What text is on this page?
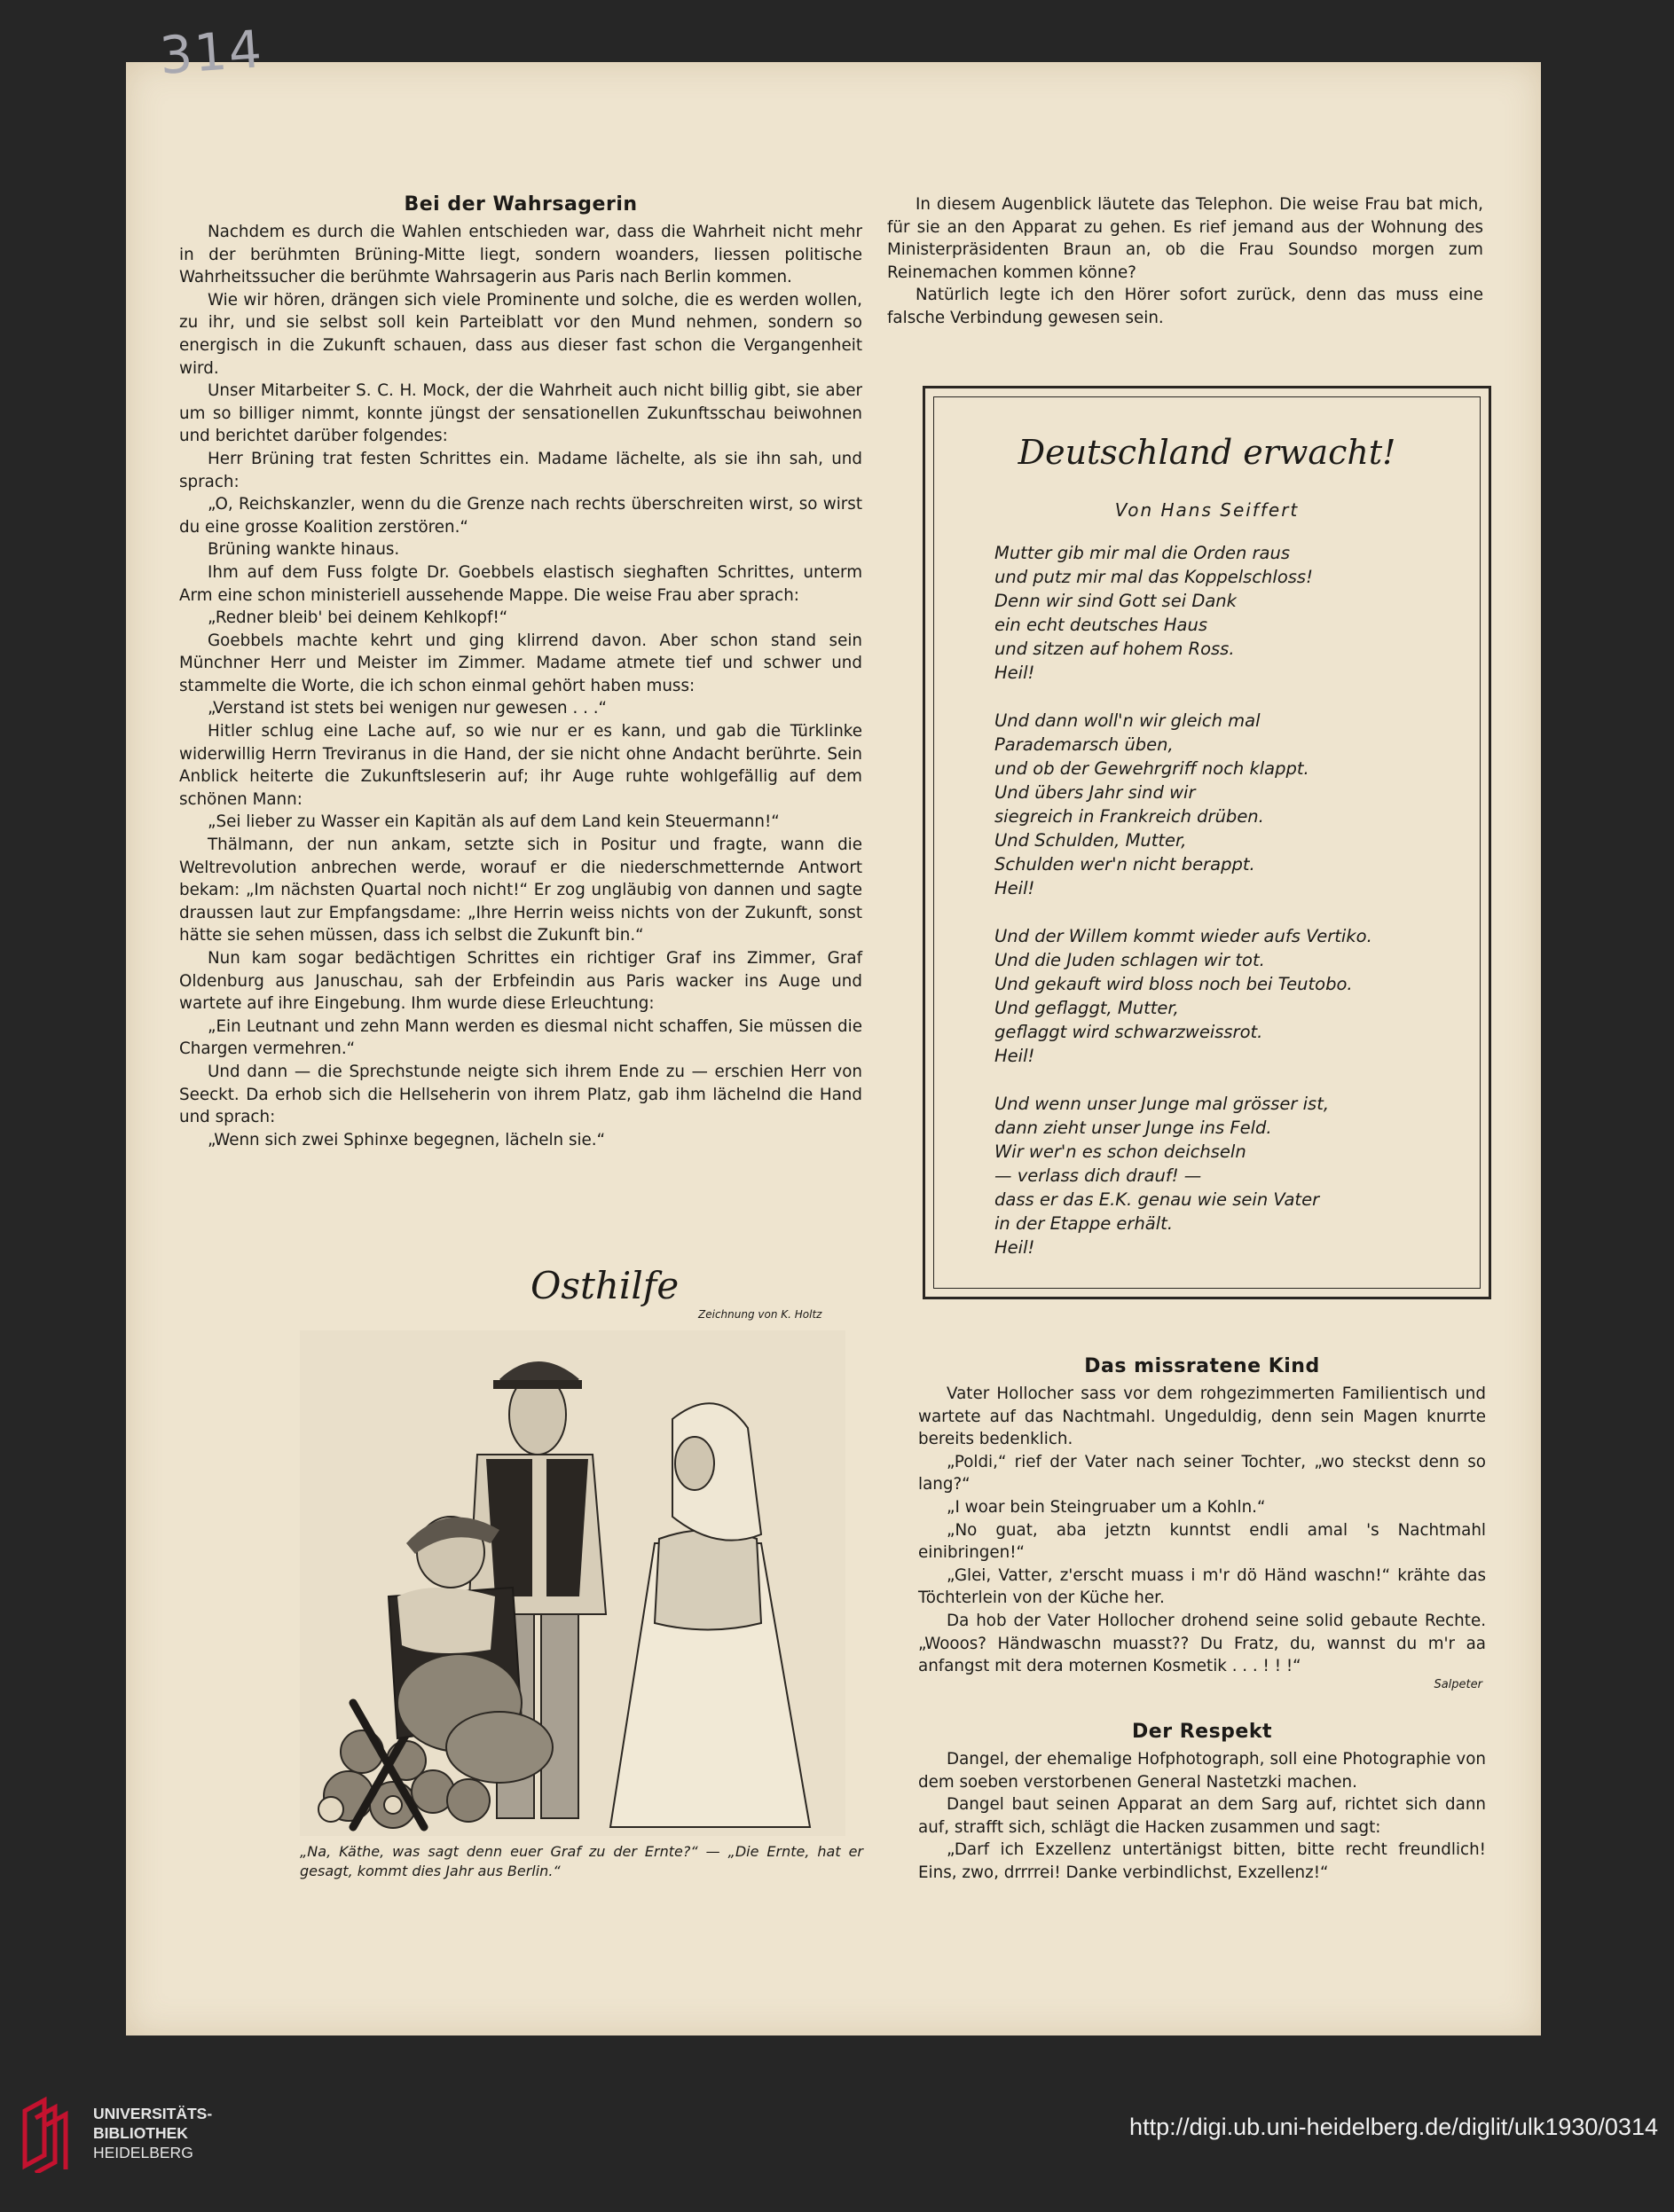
314

Bei der Wahrsagerin

Nachdem es durch die Wahlen entschieden war, dass die Wahrheit nicht mehr in der berühmten Brüning-Mitte liegt, sondern woanders, liessen politische Wahrheitssucher die berühmte Wahrsagerin aus Paris nach Berlin kommen.

Wie wir hören, drängen sich viele Prominente und solche, die es werden wollen, zu ihr, und sie selbst soll kein Parteiblatt vor den Mund nehmen, sondern so energisch in die Zukunft schauen, dass aus dieser fast schon die Vergangenheit wird.

Unser Mitarbeiter S. C. H. Mock, der die Wahrheit auch nicht billig gibt, sie aber um so billiger nimmt, konnte jüngst der sensationellen Zukunftsschau beiwohnen und berichtet darüber folgendes:

Herr Brüning trat festen Schrittes ein. Madame lächelte, als sie ihn sah, und sprach:

„O, Reichskanzler, wenn du die Grenze nach rechts überschreiten wirst, so wirst du eine grosse Koalition zerstören.“

Brüning wankte hinaus.

Ihm auf dem Fuss folgte Dr. Goebbels elastisch sieghaften Schrittes, unterm Arm eine schon ministeriell aussehende Mappe. Die weise Frau aber sprach:

„Redner bleib' bei deinem Kehlkopf!“

Goebbels machte kehrt und ging klirrend davon. Aber schon stand sein Münchner Herr und Meister im Zimmer. Madame atmete tief und schwer und stammelte die Worte, die ich schon einmal gehört haben muss:

„Verstand ist stets bei wenigen nur gewesen . . .“

Hitler schlug eine Lache auf, so wie nur er es kann, und gab die Türklinke widerwillig Herrn Treviranus in die Hand, der sie nicht ohne Andacht berührte. Sein Anblick heiterte die Zukunftsleserin auf; ihr Auge ruhte wohlgefällig auf dem schönen Mann:

„Sei lieber zu Wasser ein Kapitän als auf dem Land kein Steuermann!“

Thälmann, der nun ankam, setzte sich in Positur und fragte, wann die Weltrevolution anbrechen werde, worauf er die niederschmetternde Antwort bekam: „Im nächsten Quartal noch nicht!“ Er zog ungläubig von dannen und sagte draussen laut zur Empfangsdame: „Ihre Herrin weiss nichts von der Zukunft, sonst hätte sie sehen müssen, dass ich selbst die Zukunft bin.“

Nun kam sogar bedächtigen Schrittes ein richtiger Graf ins Zimmer, Graf Oldenburg aus Januschau, sah der Erbfeindin aus Paris wacker ins Auge und wartete auf ihre Eingebung. Ihm wurde diese Erleuchtung:

„Ein Leutnant und zehn Mann werden es diesmal nicht schaffen, Sie müssen die Chargen vermehren.“

Und dann — die Sprechstunde neigte sich ihrem Ende zu — erschien Herr von Seeckt. Da erhob sich die Hellseherin von ihrem Platz, gab ihm lächelnd die Hand und sprach:

„Wenn sich zwei Sphinxe begegnen, lächeln sie.“

In diesem Augenblick läutete das Telephon. Die weise Frau bat mich, für sie an den Apparat zu gehen. Es rief jemand aus der Wohnung des Ministerpräsidenten Braun an, ob die Frau Soundso morgen zum Reinemachen kommen könne?

Natürlich legte ich den Hörer sofort zurück, denn das muss eine falsche Verbindung gewesen sein.

Deutschland erwacht!
Von Hans Seiffert
Mutter gib mir mal die Orden raus
und putz mir mal das Koppelschloss!
Denn wir sind Gott sei Dank
ein echt deutsches Haus
und sitzen auf hohem Ross.
Heil!
Und dann woll'n wir gleich mal
Parademarsch üben,
und ob der Gewehrgriff noch klappt.
Und übers Jahr sind wir
siegreich in Frankreich drüben.
Und Schulden, Mutter,
Schulden wer'n nicht berappt.
Heil!
Und der Willem kommt wieder aufs Vertiko.
Und die Juden schlagen wir tot.
Und gekauft wird bloss noch bei Teutobo.
Und geflaggt, Mutter,
geflaggt wird schwarzweissrot.
Heil!
Und wenn unser Junge mal grösser ist,
dann zieht unser Junge ins Feld.
Wir wer'n es schon deichseln
— verlass dich drauf! —
dass er das E.K. genau wie sein Vater
in der Etappe erhält.
Heil!
Osthilfe
Zeichnung von K. Holtz
„Na, Käthe, was sagt denn euer Graf zu der Ernte?“ — „Die Ernte, hat er gesagt, kommt dies Jahr aus Berlin.“

Das missratene Kind

Vater Hollocher sass vor dem rohgezimmerten Familientisch und wartete auf das Nachtmahl. Ungeduldig, denn sein Magen knurrte bereits bedenklich.

„Poldi,“ rief der Vater nach seiner Tochter, „wo steckst denn so lang?“

„I woar bein Steingruaber um a Kohln.“

„No guat, aba jetztn kunntst endli amal 's Nachtmahl einibringen!“

„Glei, Vatter, z'erscht muass i m'r dö Händ waschn!“ krähte das Töchterlein von der Küche her.

Da hob der Vater Hollocher drohend seine solid gebaute Rechte. „Wooos? Händwaschn muasst?? Du Fratz, du, wannst du m'r aa anfangst mit dera moternen Kosmetik . . . ! ! !“

Salpeter

Der Respekt

Dangel, der ehemalige Hofphotograph, soll eine Photographie von dem soeben verstorbenen General Nastetzki machen.

Dangel baut seinen Apparat an dem Sarg auf, richtet sich dann auf, strafft sich, schlägt die Hacken zusammen und sagt:

„Darf ich Exzellenz untertänigst bitten, bitte recht freundlich! Eins, zwo, drrrrei! Danke verbindlichst, Exzellenz!“

UNIVERSITÄTS-
BIBLIOTHEK
HEIDELBERG
http://digi.ub.uni-heidelberg.de/diglit/ulk1930/0314
